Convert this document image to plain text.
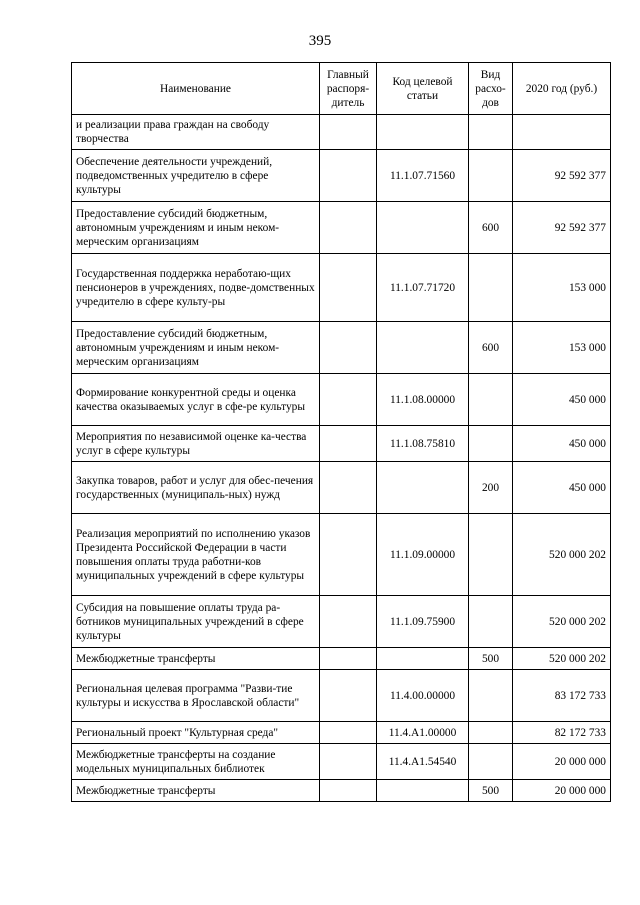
395
Наименование	Главный распоря-дитель	Код целевой статьи	Вид расхо-дов	2020 год (руб.)
и реализации права граждан на свободу творчества				
Обеспечение деятельности учреждений, подведомственных учредителю в сфере культуры		11.1.07.71560		92 592 377
Предоставление субсидий бюджетным, автономным учреждениям и иным неком-мерческим организациям			600	92 592 377
Государственная поддержка неработаю-щих пенсионеров в учреждениях, подве-домственных учредителю в сфере культу-ры		11.1.07.71720		153 000
Предоставление субсидий бюджетным, автономным учреждениям и иным неком-мерческим организациям			600	153 000
Формирование конкурентной среды и оценка качества оказываемых услуг в сфе-ре культуры		11.1.08.00000		450 000
Мероприятия по независимой оценке ка-чества услуг в сфере культуры		11.1.08.75810		450 000
Закупка товаров, работ и услуг для обес-печения государственных (муниципаль-ных) нужд			200	450 000
Реализация мероприятий по исполнению указов Президента Российской Федерации в части повышения оплаты труда работни-ков муниципальных учреждений в сфере культуры		11.1.09.00000		520 000 202
Субсидия на повышение оплаты труда ра-ботников муниципальных учреждений в сфере культуры		11.1.09.75900		520 000 202
Межбюджетные трансферты			500	520 000 202
Региональная целевая программа "Разви-тие культуры и искусства в Ярославской области"		11.4.00.00000		83 172 733
Региональный проект "Культурная среда"		11.4.A1.00000		82 172 733
Межбюджетные трансферты на создание модельных муниципальных библиотек		11.4.A1.54540		20 000 000
Межбюджетные трансферты			500	20 000 000
